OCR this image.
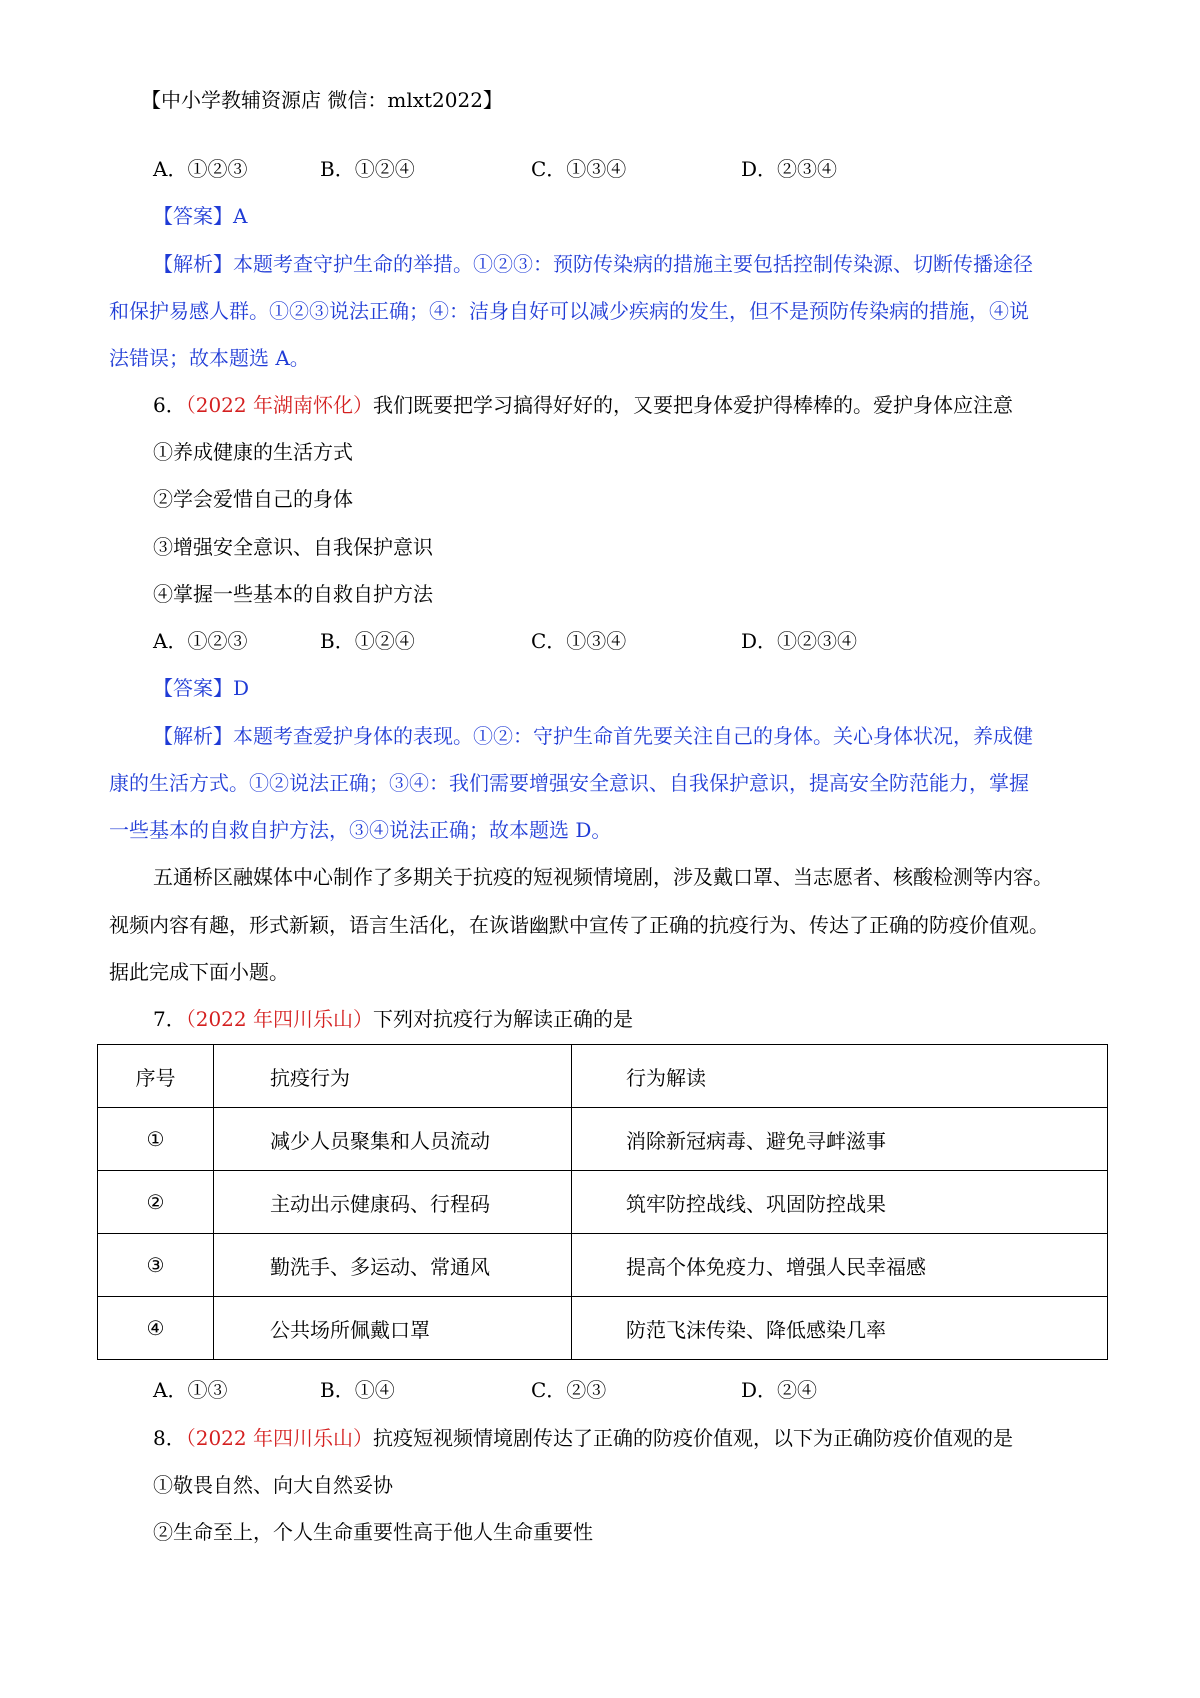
【中小学教辅资源店 微信：mlxt2022】
A．①②③	B．①②④	C．①③④	D．②③④
【答案】A
【解析】本题考查守护生命的举措。①②③：预防传染病的措施主要包括控制传染源、切断传播途径
和保护易感人群。①②③说法正确；④：洁身自好可以减少疾病的发生，但不是预防传染病的措施，④说
法错误；故本题选 A。
6．（2022 年湖南怀化）我们既要把学习搞得好好的，又要把身体爱护得棒棒的。爱护身体应注意
①养成健康的生活方式
②学会爱惜自己的身体
③增强安全意识、自我保护意识
④掌握一些基本的自救自护方法
A．①②③	B．①②④	C．①③④	D．①②③④
【答案】D
【解析】本题考查爱护身体的表现。①②：守护生命首先要关注自己的身体。关心身体状况，养成健
康的生活方式。①②说法正确；③④：我们需要增强安全意识、自我保护意识，提高安全防范能力，掌握
一些基本的自救自护方法，③④说法正确；故本题选 D。
五通桥区融媒体中心制作了多期关于抗疫的短视频情境剧，涉及戴口罩、当志愿者、核酸检测等内容。
视频内容有趣，形式新颖，语言生活化，在诙谐幽默中宣传了正确的抗疫行为、传达了正确的防疫价值观。
据此完成下面小题。
7．（2022 年四川乐山）下列对抗疫行为解读正确的是
序号	抗疫行为	行为解读
①	减少人员聚集和人员流动	消除新冠病毒、避免寻衅滋事
②	主动出示健康码、行程码	筑牢防控战线、巩固防控战果
③	勤洗手、多运动、常通风	提高个体免疫力、增强人民幸福感
④	公共场所佩戴口罩	防范飞沫传染、降低感染几率
A．①③	B．①④	C．②③	D．②④
8．（2022 年四川乐山）抗疫短视频情境剧传达了正确的防疫价值观，以下为正确防疫价值观的是
①敬畏自然、向大自然妥协
②生命至上，个人生命重要性高于他人生命重要性
